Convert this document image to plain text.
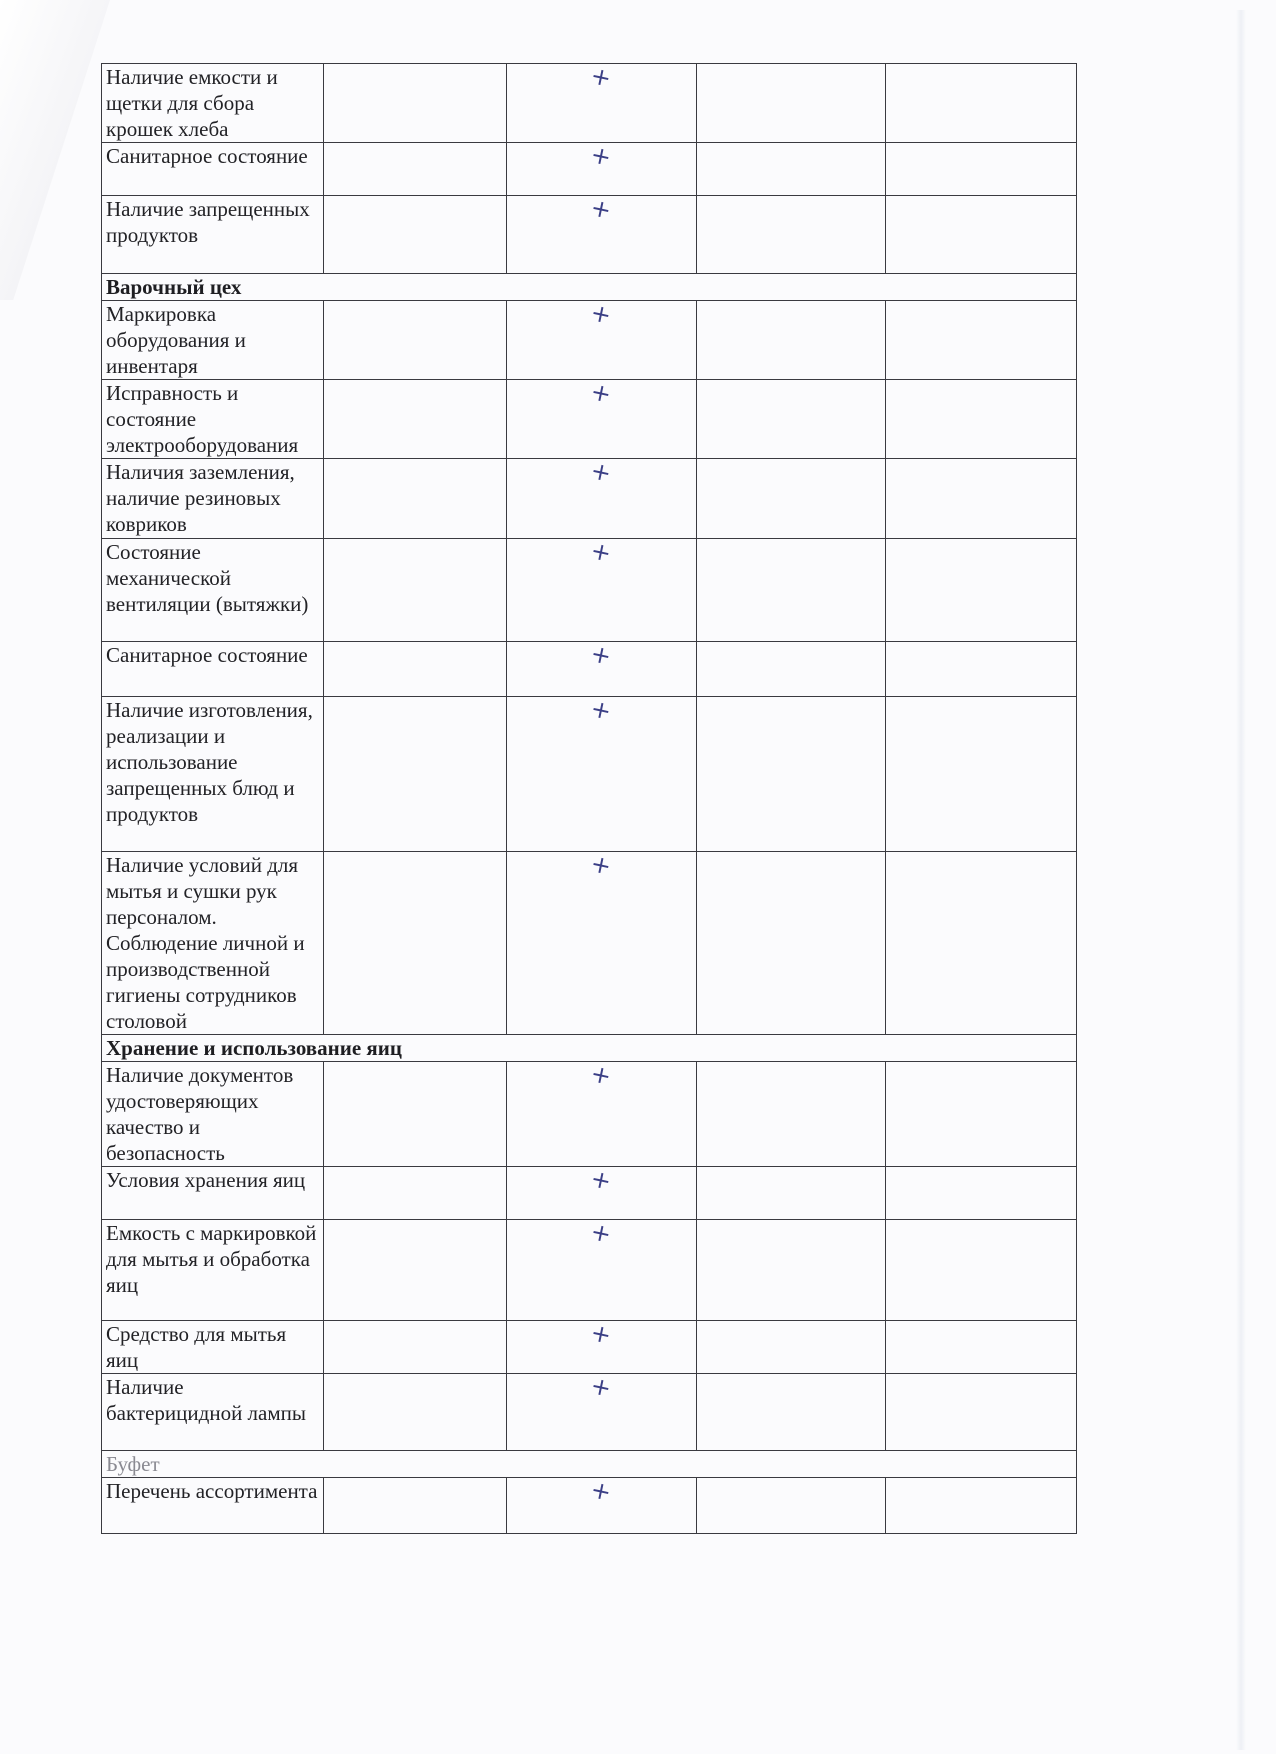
Наличие емкости и щетки для сбора крошек хлеба		+		
Санитарное состояние		+		
Наличие запрещенных продуктов		+		
Варочный цех				
Маркировка оборудования и инвентаря		+		
Исправность и состояние электрооборудования		+		
Наличия заземления, наличие резиновых ковриков		+		
Состояние механической вентиляции (вытяжки)		+		
Санитарное состояние		+		
Наличие изготовления, реализации и использование запрещенных блюд и продуктов		+		
Наличие условий для мытья и сушки рук персоналом. Соблюдение личной и производственной гигиены сотрудников столовой		+		
Хранение и использование яиц				
Наличие документов удостоверяющих качество и безопасность		+		
Условия хранения яиц		+		
Емкость с маркировкой для мытья и обработка яиц		+		
Средство для мытья яиц		+		
Наличие бактерицидной лампы		+		
Буфет				
Перечень ассортимента		+		
